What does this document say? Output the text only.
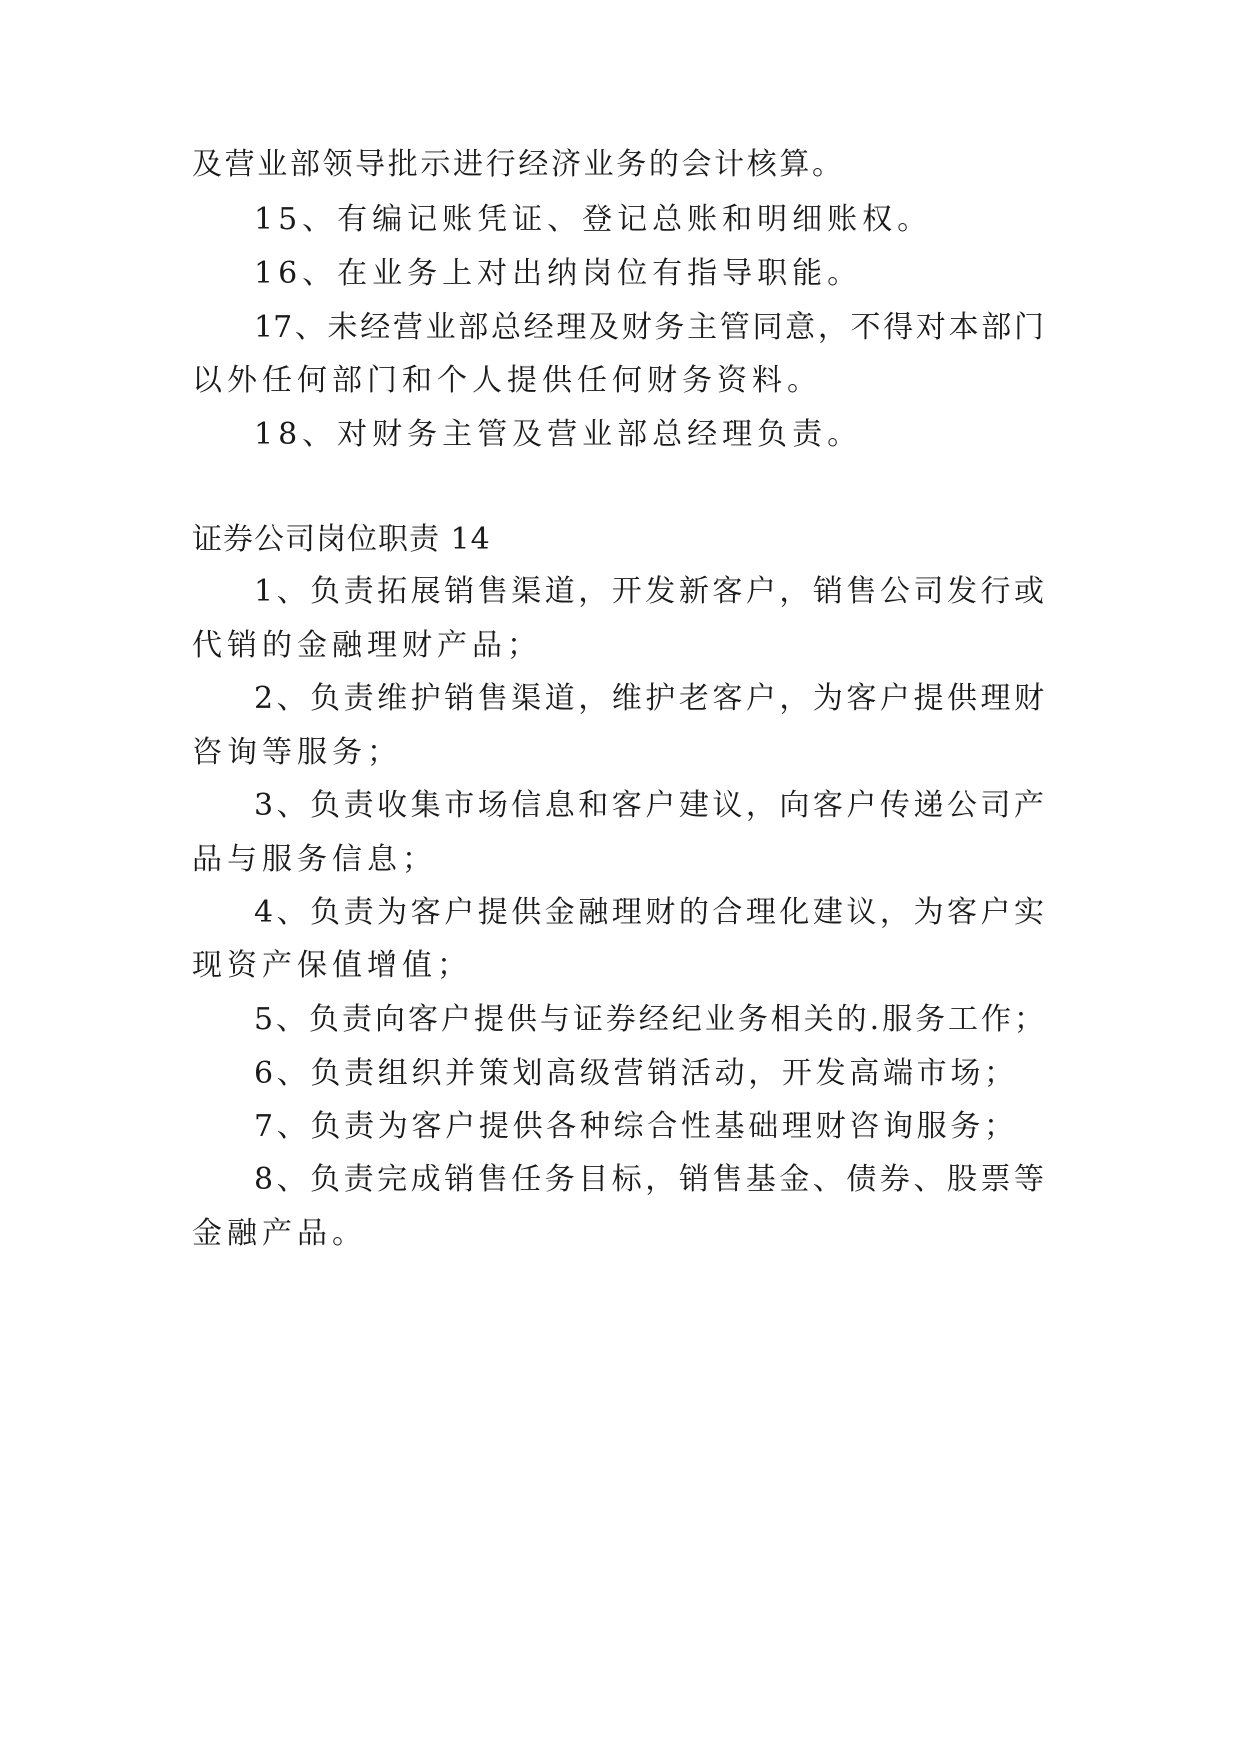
及营业部领导批示进行经济业务的会计核算。
15、有编记账凭证、登记总账和明细账权。
16、在业务上对出纳岗位有指导职能。
17、未经营业部总经理及财务主管同意，不得对本部门
以外任何部门和个人提供任何财务资料。
18、对财务主管及营业部总经理负责。
证券公司岗位职责 14
1、负责拓展销售渠道，开发新客户，销售公司发行或
代销的金融理财产品；
2、负责维护销售渠道，维护老客户，为客户提供理财
咨询等服务；
3、负责收集市场信息和客户建议，向客户传递公司产
品与服务信息；
4、负责为客户提供金融理财的合理化建议，为客户实
现资产保值增值；
5、负责向客户提供与证券经纪业务相关的.服务工作；
6、负责组织并策划高级营销活动，开发高端市场；
7、负责为客户提供各种综合性基础理财咨询服务；
8、负责完成销售任务目标，销售基金、债券、股票等
金融产品。
